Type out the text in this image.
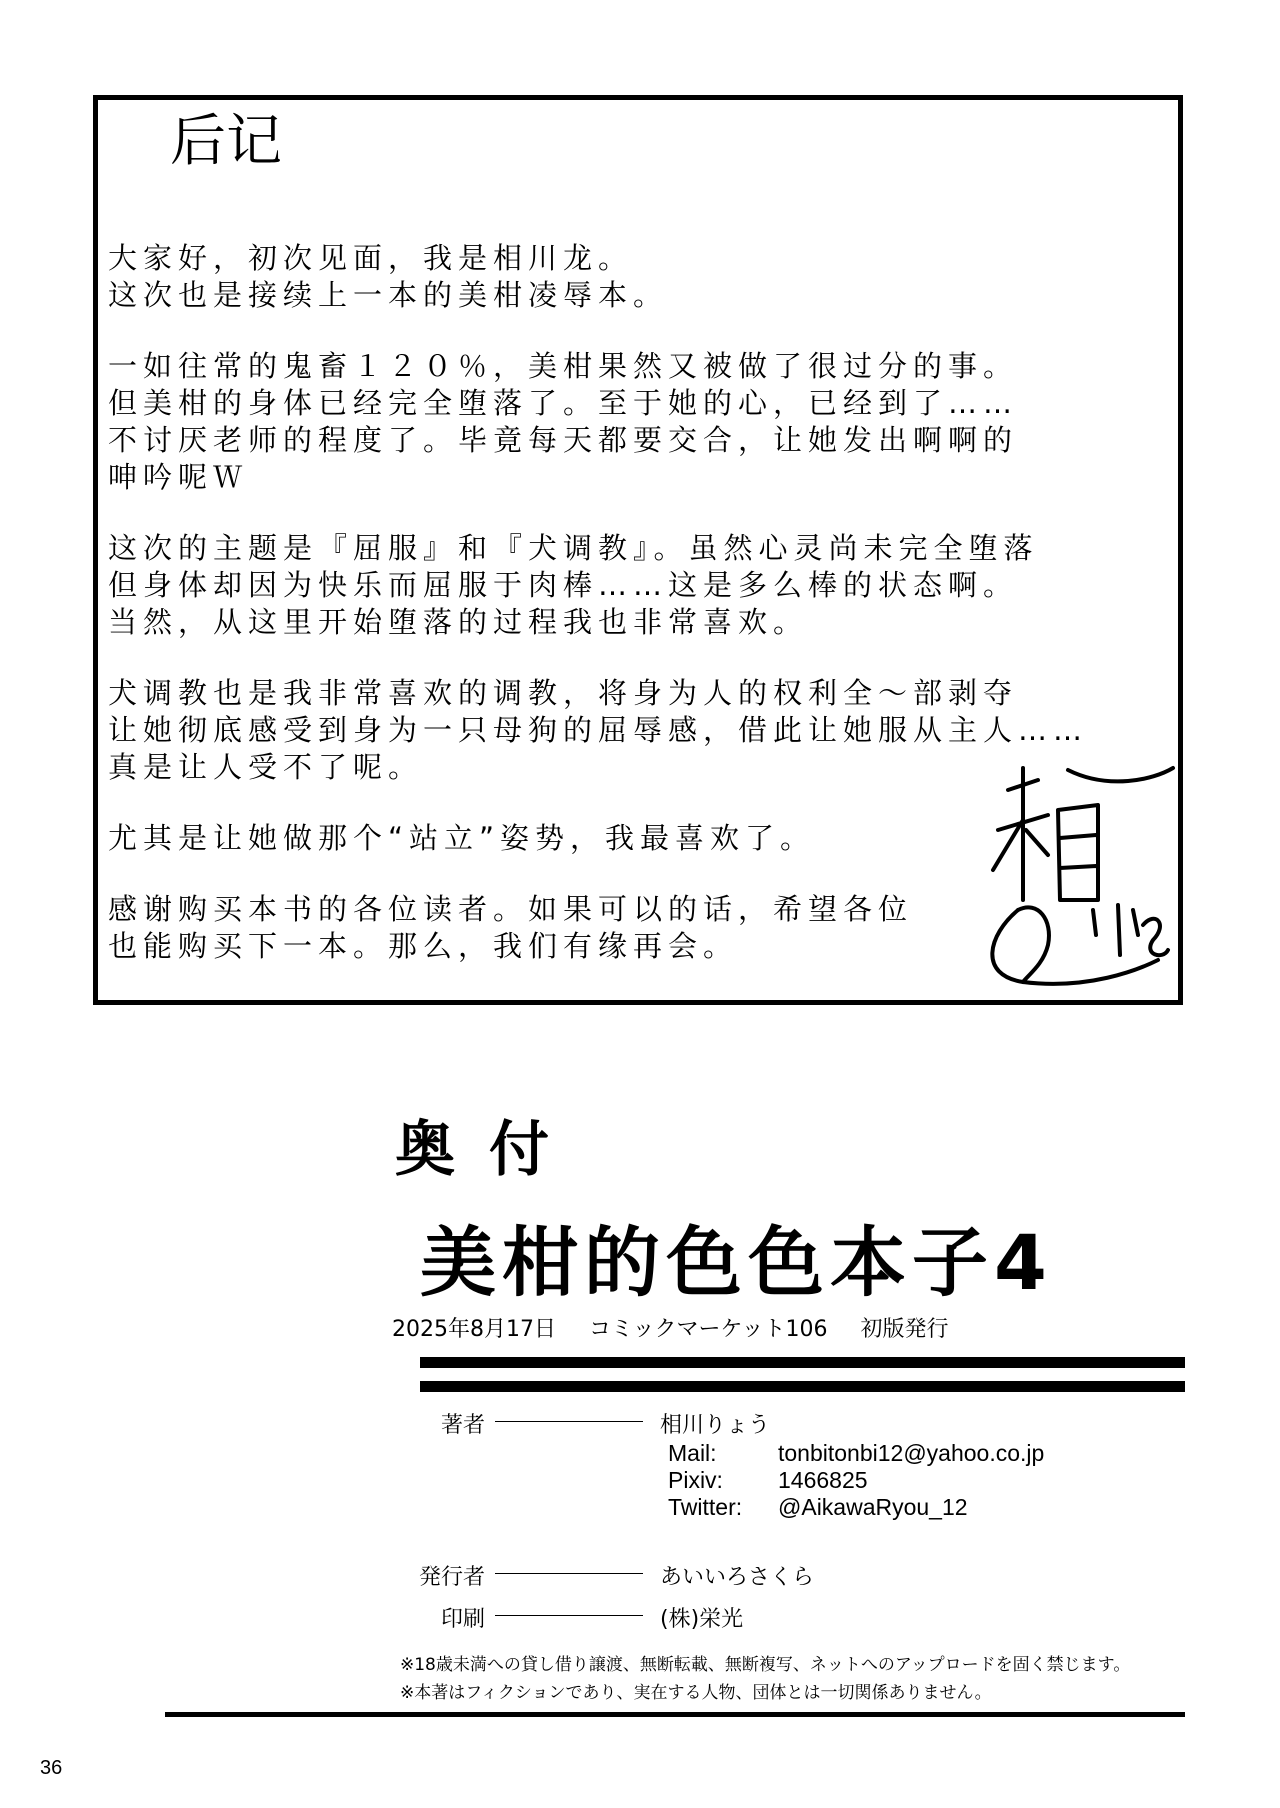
后记
大家好，初次见面，我是相川龙。
这次也是接续上一本的美柑凌辱本。
一如往常的鬼畜１２０％，美柑果然又被做了很过分的事。
但美柑的身体已经完全堕落了。至于她的心，已经到了……
不讨厌老师的程度了。毕竟每天都要交合，让她发出啊啊的
呻吟呢Ｗ
这次的主题是『屈服』和『犬调教』。虽然心灵尚未完全堕落
但身体却因为快乐而屈服于肉棒……这是多么棒的状态啊。
当然，从这里开始堕落的过程我也非常喜欢。
犬调教也是我非常喜欢的调教，将身为人的权利全～部剥夺
让她彻底感受到身为一只母狗的屈辱感，借此让她服从主人……
真是让人受不了呢。
尤其是让她做那个“站立”姿势，我最喜欢了。
感谢购买本书的各位读者。如果可以的话，希望各位
也能购买下一本。那么，我们有缘再会。
奥付
美柑的色色本子4
2025年8月17日 コミックマーケット106 初版発行
著者	相川りょう
Mail:	tonbitonbi12@yahoo.co.jp
Pixiv:	1466825
Twitter:	@AikawaRyou_12
発行者	あいいろさくら
印刷	(株)栄光
※18歳未満への貸し借り譲渡、無断転載、無断複写、ネットへのアップロードを固く禁じます。
※本著はフィクションであり、実在する人物、団体とは一切関係ありません。
36
